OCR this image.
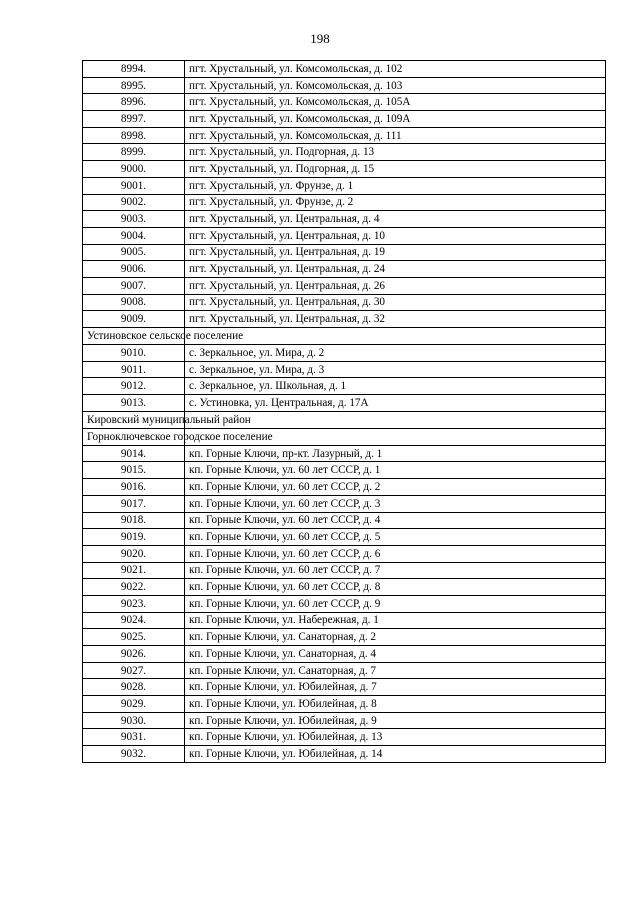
198
8994.	пгт. Хрустальный, ул. Комсомольская, д. 102
8995.	пгт. Хрустальный, ул. Комсомольская, д. 103
8996.	пгт. Хрустальный, ул. Комсомольская, д. 105А
8997.	пгт. Хрустальный, ул. Комсомольская, д. 109А
8998.	пгт. Хрустальный, ул. Комсомольская, д. 111
8999.	пгт. Хрустальный, ул. Подгорная, д. 13
9000.	пгт. Хрустальный, ул. Подгорная, д. 15
9001.	пгт. Хрустальный, ул. Фрунзе, д. 1
9002.	пгт. Хрустальный, ул. Фрунзе, д. 2
9003.	пгт. Хрустальный, ул. Центральная, д. 4
9004.	пгт. Хрустальный, ул. Центральная, д. 10
9005.	пгт. Хрустальный, ул. Центральная, д. 19
9006.	пгт. Хрустальный, ул. Центральная, д. 24
9007.	пгт. Хрустальный, ул. Центральная, д. 26
9008.	пгт. Хрустальный, ул. Центральная, д. 30
9009.	пгт. Хрустальный, ул. Центральная, д. 32
Устиновское сельское поселение	
9010.	с. Зеркальное, ул. Мира, д. 2
9011.	с. Зеркальное, ул. Мира, д. 3
9012.	с. Зеркальное, ул. Школьная, д. 1
9013.	с. Устиновка, ул. Центральная, д. 17А
Кировский муниципальный район	
Горноключевское городское поселение	
9014.	кп. Горные Ключи, пр-кт. Лазурный, д. 1
9015.	кп. Горные Ключи, ул. 60 лет СССР, д. 1
9016.	кп. Горные Ключи, ул. 60 лет СССР, д. 2
9017.	кп. Горные Ключи, ул. 60 лет СССР, д. 3
9018.	кп. Горные Ключи, ул. 60 лет СССР, д. 4
9019.	кп. Горные Ключи, ул. 60 лет СССР, д. 5
9020.	кп. Горные Ключи, ул. 60 лет СССР, д. 6
9021.	кп. Горные Ключи, ул. 60 лет СССР, д. 7
9022.	кп. Горные Ключи, ул. 60 лет СССР, д. 8
9023.	кп. Горные Ключи, ул. 60 лет СССР, д. 9
9024.	кп. Горные Ключи, ул. Набережная, д. 1
9025.	кп. Горные Ключи, ул. Санаторная, д. 2
9026.	кп. Горные Ключи, ул. Санаторная, д. 4
9027.	кп. Горные Ключи, ул. Санаторная, д. 7
9028.	кп. Горные Ключи, ул. Юбилейная, д. 7
9029.	кп. Горные Ключи, ул. Юбилейная, д. 8
9030.	кп. Горные Ключи, ул. Юбилейная, д. 9
9031.	кп. Горные Ключи, ул. Юбилейная, д. 13
9032.	кп. Горные Ключи, ул. Юбилейная, д. 14
